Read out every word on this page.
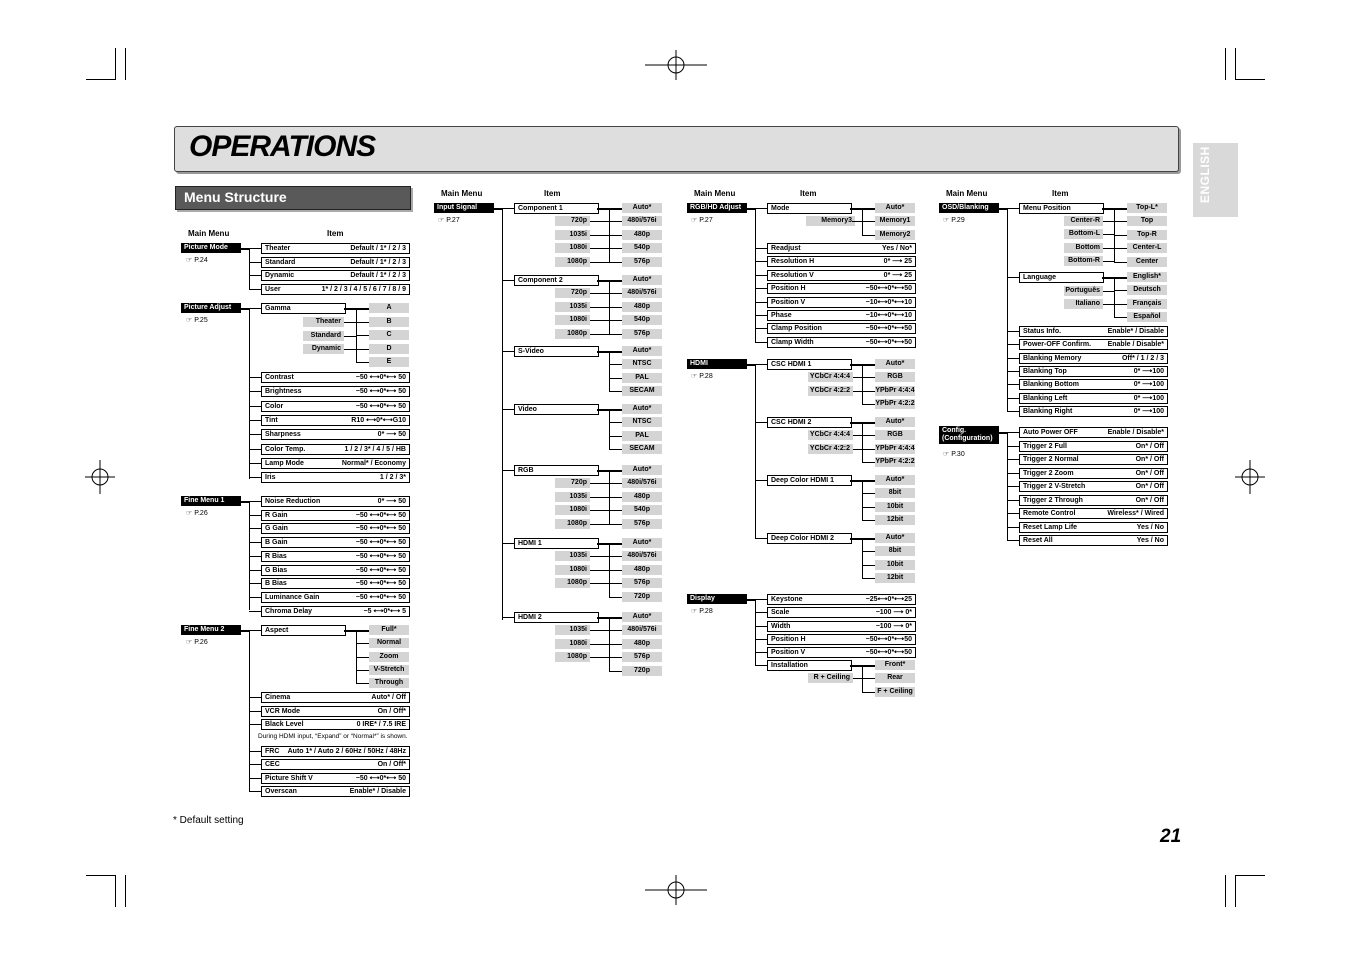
OPERATIONS	ENGLISH
Menu Structure
Main Menu	Item
Main Menu	Item	Main Menu	Item	Main Menu	Item
Picture Mode
☞ P.24
Theater	Default / 1* / 2 / 3
Standard	Default / 1* / 2 / 3
Dynamic	Default / 1* / 2 / 3
User	1* / 2 / 3 / 4 / 5 / 6 / 7 / 8 / 9
Picture Adjust
☞ P.25
Gamma
Theater
Standard
Dynamic
A
B
C
D
E
Contrast	−50 ⟷0*⟷ 50
Brightness	−50 ⟷0*⟷ 50
Color	−50 ⟷0*⟷ 50
Tint	R10 ⟷0*⟷G10
Sharpness	0* ⟶ 50
Color Temp.	1 / 2 / 3* / 4 / 5 / HB
Lamp Mode	Normal* / Economy
Iris	1 / 2 / 3*
Fine Menu 1
☞ P.26
Noise Reduction	0* ⟶ 50
R Gain	−50 ⟷0*⟷ 50
G Gain	−50 ⟷0*⟷ 50
B Gain	−50 ⟷0*⟷ 50
R Bias	−50 ⟷0*⟷ 50
G Bias	−50 ⟷0*⟷ 50
B Bias	−50 ⟷0*⟷ 50
Luminance Gain	−50 ⟷0*⟷ 50
Chroma Delay	−5 ⟷0*⟷ 5
Fine Menu 2
☞ P.26
Aspect	Full*
Normal
Zoom
V-Stretch
Through
Cinema	Auto* / Off
VCR Mode	On / Off*
Black Level	0 IRE* / 7.5 IRE
During HDMI input, “Expand” or “Normal*” is shown.
FRC Auto 1* / Auto 2 / 60Hz / 50Hz / 48Hz
CEC	On / Off*
Picture Shift V	−50 ⟷0*⟷ 50
Overscan	Enable* / Disable
Input Signal
☞ P.27
Component 1	Auto*
480i/576i
480p
540p
576p
720p
1035i
1080i
1080p
Component 2	Auto*
480i/576i
480p
540p
576p
720p
1035i
1080i
1080p
S-Video	Auto*
NTSC
PAL
SECAM
Video	Auto*
NTSC
PAL
SECAM
RGB	Auto*
480i/576i
480p
540p
576p
720p
1035i
1080i
1080p
HDMI 1	Auto*
480i/576i
480p
576p
720p
1035i
1080i
1080p
HDMI 2	Auto*
480i/576i
480p
576p
720p
1035i
1080i
1080p
RGB/HD Adjust
☞ P.27
Mode	Auto*
Memory1
Memory2
Memory3
Readjust	Yes / No*
Resolution H	0* ⟶ 25
Resolution V	0* ⟶ 25
Position H	−50⟷0*⟷50
Position V	−10⟷0*⟷10
Phase	−10⟷0*⟷10
Clamp Position	−50⟷0*⟷50
Clamp Width	−50⟷0*⟷50
HDMI
☞ P.28
CSC HDMI 1	Auto*
RGB
YPbPr 4:4:4
YPbPr 4:2:2
YCbCr 4:4:4
YCbCr 4:2:2
CSC HDMI 2	Auto*
RGB
YPbPr 4:4:4
YPbPr 4:2:2
YCbCr 4:4:4
YCbCr 4:2:2
Deep Color HDMI 1	Auto*
8bit
10bit
12bit
Deep Color HDMI 2	Auto*
8bit
10bit
12bit
Display
☞ P.28
Keystone	−25⟷0*⟷25
Scale	−100 ⟶ 0*
Width	−100 ⟶ 0*
Position H	−50⟷0*⟷50
Position V	−50⟷0*⟷50
Installation	Front*
Rear
F + Ceiling
R + Ceiling
OSD/Blanking
☞ P.29
Menu Position	Top-L*
Top
Top-R
Center-L
Center
Center-R
Bottom-L
Bottom
Bottom-R
Language	English*
Deutsch
Français
Español
Português
Italiano
Status Info.	Enable* / Disable
Power-OFF Confirm. Enable / Disable*
Blanking Memory	Off* / 1 / 2 / 3
Blanking Top	0* ⟶100
Blanking Bottom	0* ⟶100
Blanking Left	0* ⟶100
Blanking Right	0* ⟶100
Config.
(Configuration)
☞ P.30
Auto Power OFF	Enable / Disable*
Trigger 2 Full	On* / Off
Trigger 2 Normal	On* / Off
Trigger 2 Zoom	On* / Off
Trigger 2 V-Stretch	On* / Off
Trigger 2 Through	On* / Off
Remote Control	Wireless* / Wired
Reset Lamp Life	Yes / No
Reset All	Yes / No
* Default setting
21
